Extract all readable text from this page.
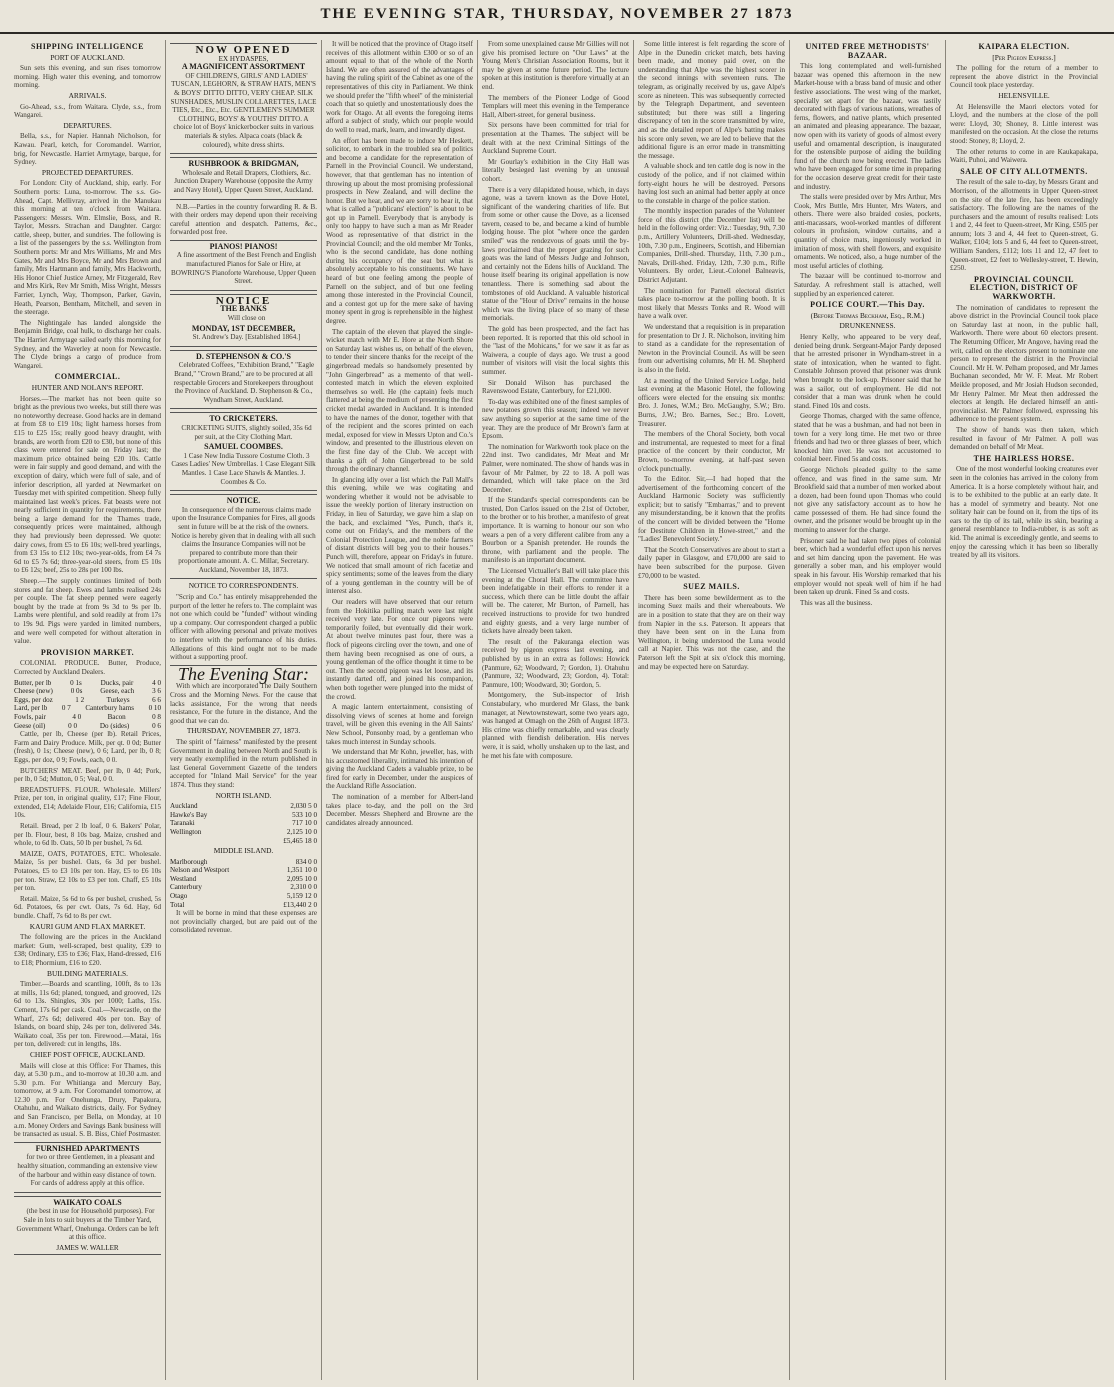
THE EVENING STAR, THURSDAY, NOVEMBER 27 1873
SHIPPING INTELLIGENCE
PORT OF AUCKLAND.

Sun sets this evening, and sun rises tomorrow morning. High water this evening, and tomorrow morning.

ARRIVALS.

Go-Ahead, s.s., from Waitara. Clyde, s.s., from Wangarei.

DEPARTURES.

Bella, s.s., for Napier. Hannah Nicholson, for Kawau. Pearl, ketch, for Coromandel. Warrior, brig, for Newcastle. Harriet Armytage, barque, for Sydney.

PROJECTED DEPARTURES.

For London: City of Auckland, ship, early. For Southern ports: Luna, to-morrow. The s.s. Go-Ahead, Capt. Mellivray, arrived in the Manukau this morning at ten o'clock from Waitara. Passengers: Messrs. Wm. Elmslie, Boss, and R. Taylor, Messrs. Strachan and Daughter. Cargo: cattle, sheep, butter, and sundries. The following is a list of the passengers by the s.s. Wellington from Southern ports: Mr and Mrs Williams, Mr and Mrs Gates, Mr and Mrs Boyce, Mr and Mrs Brown and family, Mrs Hartmann and family, Mrs Hackworth, His Honor Chief Justice Arney, Mr Fitzgerald, Rev and Mrs Kirk, Rev Mr Smith, Miss Wright, Messrs Farrier, Lynch, Way, Thompson, Parker, Gavin, Heath, Pearson, Bentham, Mitchell, and seven in the steerage.

The Nightingale has landed alongside the Benjamin Bridge, coal hulk, to discharge her coals. The Harriet Armytage sailed early this morning for Sydney, and the Waverley at noon for Newcastle. The Clyde brings a cargo of produce from Wangarei.

COMMERCIAL.
HUNTER AND NOLAN'S REPORT.

Horses.—The market has not been quite so bright as the previous two weeks, but still there was no noteworthy decrease. Good hacks are in demand at from £8 to £19 10s; light harness horses from £15 to £25 15s; really good heavy draught, with brands, are worth from £20 to £30, but none of this class were entered for sale on Friday last; the maximum price obtained being £20 10s. Cattle were in fair supply and good demand, and with the exception of dairy, which were full of sale, and of inferior description, all yarded at Newmarket on Tuesday met with spirited competition. Sheep fully maintained last week's prices. Fat beasts were not nearly sufficient in quantity for requirements, there being a large demand for the Thames trade, consequently prices were maintained, although they had previously been depressed. We quote: dairy cows, from £5 to £6 10s; well-bred yearlings, from £3 15s to £12 10s; two-year-olds, from £4 7s 6d to £5 7s 6d; three-year-old steers, from £5 10s to £6 12s; beef, 25s to 28s per 100 lbs.

Sheep.—The supply continues limited of both stores and fat sheep. Ewes and lambs realised 24s per couple. The fat sheep penned were eagerly bought by the trade at from 9s 3d to 9s per lb. Lambs were plentiful, and sold readily at from 17s to 19s 9d. Pigs were yarded in limited numbers, and were well competed for without alteration in value.

PROVISION MARKET.

COLONIAL PRODUCE. Butter, Produce, Corrected by Auckland Dealers.

Butter, per lb	0 1s	Ducks, pair	4 0
Cheese (new)	0 0s	Geese, each	3 6
Eggs, per doz	1 2	Turkeys	6 6
Lard, per lb 0 7 Canterbury hams 0 10
Fowls, pair	4 0	Bacon	0 8
Geese (oil)	0 0	Do (sides)	0 6

Cattle, per lb, Cheese (per lb). Retail Prices, Farm and Dairy Produce. Milk, per qt. 0 0d; Butter (fresh), 0 1s; Cheese (new), 0 6; Lard, per lb, 0 8; Eggs, per doz, 0 9; Fowls, each, 0 0.

BUTCHERS' MEAT. Beef, per lb, 0 4d; Pork, per lb, 0 5d; Mutton, 0 5; Veal, 0 0.

BREADSTUFFS. FLOUR. Wholesale. Millers' Prize, per ton, in original quality, £17; Fine Flour, extended, £14; Adelaide Flour, £16; California, £15 10s.

Retail. Bread, per 2 lb loaf, 0 6. Bakers' Polar, per lb. Flour, best, 8 10s bag. Maize, crushed and whole, to 6d lb. Oats, 50 lb per bushel, 7s 6d.

MAIZE, OATS, POTATOES, ETC. Wholesale. Maize, 5s per bushel. Oats, 6s 3d per bushel. Potatoes, £5 to £3 10s per ton. Hay, £5 to £6 10s per ton. Straw, £2 10s to £3 per ton. Chaff, £5 10s per ton.

Retail. Maize, 5s 6d to 6s per bushel, crushed, 5s 6d. Potatoes, 6s per cwt. Oats, 7s 6d. Hay, 6d bundle. Chaff, 7s 6d to 8s per cwt.

KAURI GUM AND FLAX MARKET.

The following are the prices in the Auckland market: Gum, well-scraped, best quality, £39 to £38; Ordinary, £35 to £36; Flax, Hand-dressed, £16 to £18; Phormium, £16 to £20.

BUILDING MATERIALS.

Timber.—Boards and scantling, 100ft, 8s to 13s at mills, 11s 6d; planed, tongued, and grooved, 12s 6d to 13s. Shingles, 30s per 1000; Laths, 15s. Cement, 17s 6d per cask. Coal.—Newcastle, on the Wharf, 27s 6d; delivered 40s per ton. Bay of Islands, on board ship, 24s per ton, delivered 34s. Waikato coal, 35s per ton. Firewood.—Matai, 16s per ton, delivered: cut in lengths, 18s.

CHIEF POST OFFICE, AUCKLAND.

Mails will close at this Office: For Thames, this day, at 5.30 p.m., and to-morrow at 10.30 a.m. and 5.30 p.m. For Whitianga and Mercury Bay, tomorrow, at 9 a.m. For Coromandel tomorrow, at 12.30 p.m. For Onehunga, Drury, Papakura, Otahuhu, and Waikato districts, daily. For Sydney and San Francisco, per Bella, on Monday, at 10 a.m. Money Orders and Savings Bank business will be transacted as usual. S. B. Biss, Chief Postmaster.

FURNISHED APARTMENTS

for two or three Gentlemen, in a pleasant and healthy situation, commanding an extensive view of the harbour and within easy distance of town. For cards of address apply at this office.

WAIKATO COALS

(the best in use for Household purposes). For Sale in lots to suit buyers at the Timber Yard, Government Wharf, Onehunga. Orders can be left at this office.

JAMES W. WALLER
NOW OPENED
EX HYDASPES,
A MAGNIFICENT ASSORTMENT

OF CHILDREN'S, GIRLS' AND LADIES' TUSCAN, LEGHORN, & STRAW HATS, MEN'S & BOYS' DITTO DITTO, VERY CHEAP. SILK SUNSHADES, MUSLIN COLLARETTES, LACE TIES, Etc., Etc., Etc. GENTLEMEN'S SUMMER CLOTHING, BOYS' & YOUTHS' DITTO. A choice lot of Boys' knickerbocker suits in various materials & styles. Alpaca coats (black & coloured), white dress shirts.

RUSHBROOK & BRIDGMAN,

Wholesale and Retail Drapers, Clothiers, &c. Junction Drapery Warehouse (opposite the Army and Navy Hotel), Upper Queen Street, Auckland.

N.B.—Parties in the country forwarding R. & B. with their orders may depend upon their receiving careful attention and despatch. Patterns, &c., forwarded post free.

PIANOS! PIANOS!

A fine assortment of the Best French and English manufactured Pianos for Sale or Hire, at BOWRING'S Pianoforte Warehouse, Upper Queen Street.

NOTICE
THE BANKS

Will close on

MONDAY, 1ST DECEMBER,

St. Andrew's Day. [Established 1864.]

D. STEPHENSON & CO.'S

Celebrated Coffees, "Exhibition Brand," "Eagle Brand," "Crown Brand," are to be procured at all respectable Grocers and Storekeepers throughout the Province of Auckland. D. Stephenson & Co., Wyndham Street, Auckland.

TO CRICKETERS.

CRICKETING SUITS, slightly soiled, 35s 6d per suit, at the City Clothing Mart.

SAMUEL COOMBES.

1 Case New India Tussore Costume Cloth. 3 Cases Ladies' New Umbrellas. 1 Case Elegant Silk Mantles. 1 Case Lace Shawls & Mantles. J. Coombes & Co.

NOTICE.

In consequence of the numerous claims made upon the Insurance Companies for Fires, all goods sent in future will be at the risk of the owners. Notice is hereby given that in dealing with all such claims the Insurance Companies will not be prepared to contribute more than their proportionate amount. A. C. Millar, Secretary. Auckland, November 18, 1873.

NOTICE TO CORRESPONDENTS.

"Scrip and Co." has entirely misapprehended the purport of the letter he refers to. The complaint was not one which could be "funded" without winding up a company. Our correspondent charged a public officer with allowing personal and private motives to interfere with the performance of his duties. Allegations of this kind ought not to be made without a supporting proof.

The Evening Star:

With which are incorporated The Daily Southern Cross and the Morning News. For the cause that lacks assistance, For the wrong that needs resistance, For the future in the distance, And the good that we can do.

THURSDAY, NOVEMBER 27, 1873.

The spirit of "fairness" manifested by the present Government in dealing between North and South is very neatly exemplified in the return published in last General Government Gazette of the tenders accepted for "Inland Mail Service" for the year 1874. Thus they stand:

NORTH ISLAND.
Auckland	2,030 5 0
Hawke's Bay	533 10 0
Taranaki	717 10 0
Wellington	2,125 10 0
£5,465 18 0
MIDDLE ISLAND.
Marlborough	834 0 0
Nelson and Westport	1,351 10 0
Westland	2,095 10 0
Canterbury	2,310 0 0
Otago	5,159 12 0
Total	£13,440 2 0

It will be borne in mind that these expenses are not provincially charged, but are paid out of the consolidated revenue.

It will be noticed that the province of Otago itself receives of this allotment within £300 or so of an amount equal to that of the whole of the North Island. We are often assured of the advantages of having the ruling spirit of the Cabinet as one of the representatives of this city in Parliament. We think we should prefer the "fifth wheel" of the ministerial coach that so quietly and unostentatiously does the work for Otago. At all events the foregoing items afford a subject of study, which our people would do well to read, mark, learn, and inwardly digest.

An effort has been made to induce Mr Heskett, solicitor, to embark in the troubled sea of politics and become a candidate for the representation of Parnell in the Provincial Council. We understand, however, that that gentleman has no intention of throwing up about the most promising professional prospects in New Zealand, and will decline the honor. But we hear, and we are sorry to hear it, that what is called a "publicans' election" is about to be got up in Parnell. Everybody that is anybody is only too happy to have such a man as Mr Reader Wood as representative of that district in the Provincial Council; and the old member Mr Tonks, who is the second candidate, has done nothing during his occupancy of the seat but what is absolutely acceptable to his constituents. We have heard of but one feeling among the people of Parnell on the subject, and of but one feeling among those interested in the Provincial Council, and a contest got up for the mere sake of having money spent in grog is reprehensible in the highest degree.

The captain of the eleven that played the single-wicket match with Mr E. Hore at the North Shore on Saturday last wishes us, on behalf of the eleven, to tender their sincere thanks for the receipt of the gingerbread medals so handsomely presented by "John Gingerbread" as a memento of that well-contested match in which the eleven exploited themselves so well. He (the captain) feels much flattered at being the medium of presenting the first cricket medal awarded in Auckland. It is intended to have the names of the donor, together with that of the recipient and the scores printed on each medal, exposed for view in Messrs Upton and Co.'s window, and presented to the illustrious eleven on the first fine day of the Club. We accept with thanks a gift of John Gingerbread to be sold through the ordinary channel.

In glancing idly over a list which the Pall Mall's this evening, while we was cogitating and wondering whether it would not be advisable to issue the weekly portion of literary instruction on Friday, in lieu of Saturday, we gave him a slap on the back, and exclaimed "Yes, Punch, that's it, come out on Friday's, and the members of the Colonial Protection League, and the noble farmers of distant districts will beg you to their houses." Punch will, therefore, appear on Friday's in future. We noticed that small amount of rich facetiæ and spicy sentiments; some of the leaves from the diary of a young gentleman in the country will be of interest also.

Our readers will have observed that our return from the Hokitika pulling match were last night received very late. For once our pigeons were temporarily foiled, but eventually did their work. At about twelve minutes past four, there was a flock of pigeons circling over the town, and one of them having been recognised as one of ours, a young gentleman of the office thought it time to be out. Then the second pigeon was let loose, and its instantly darted off, and joined his companion, when both together were plunged into the midst of the crowd.

A magic lantern entertainment, consisting of dissolving views of scenes at home and foreign travel, will be given this evening in the All Saints' New School, Ponsonby road, by a gentleman who takes much interest in Sunday schools.

We understand that Mr Kohn, jeweller, has, with his accustomed liberality, intimated his intention of giving the Auckland Cadets a valuable prize, to be fired for early in December, under the auspices of the Auckland Rifle Association.

The nomination of a member for Albert-land takes place to-day, and the poll on the 3rd December. Messrs Shepherd and Browne are the candidates already announced.

From some unexplained cause Mr Gillies will not give his promised lecture on "Our Laws" at the Young Men's Christian Association Rooms, but it may be given at some future period. The lecture spoken at this institution is therefore virtually at an end.

The members of the Pioneer Lodge of Good Templars will meet this evening in the Temperance Hall, Albert-street, for general business.

Six persons have been committed for trial for presentation at the Thames. The subject will be dealt with at the next Criminal Sittings of the Auckland Supreme Court.

Mr Gourlay's exhibition in the City Hall was literally besieged last evening by an unusual cohort.

There is a very dilapidated house, which, in days agone, was a tavern known as the Dove Hotel, significant of the wandering charities of life. But from some or other cause the Dove, as a licensed tavern, ceased to be, and became a kind of humble lodging house. The plot "where once the garden smiled" was the rendezvous of goats until the by-laws proclaimed that the proper grazing for such goats was the land of Messrs Judge and Johnson, and certainly not the Edens hills of Auckland. The house itself bearing its original appellation is now tenantless. There is something sad about the tombstones of old Auckland. A valuable historical statue of the "Hour of Drive" remains in the house which was the living place of so many of these memorials.

The gold has been prospected, and the fact has been reported. It is reported that this old school in the "last of the Mohicans," for we saw it as far as Waiwera, a couple of days ago. We trust a good number of visitors will visit the local sights this summer.

Sir Donald Wilson has purchased the Ravenswood Estate, Canterbury, for £21,000.

To-day was exhibited one of the finest samples of new potatoes grown this season; indeed we never saw anything so superior at the same time of the year. They are the produce of Mr Brown's farm at Epsom.

The nomination for Warkworth took place on the 22nd inst. Two candidates, Mr Meat and Mr Palmer, were nominated. The show of hands was in favour of Mr Palmer, by 22 to 18. A poll was demanded, which will take place on the 3rd December.

If the Standard's special correspondents can be trusted, Don Carlos issued on the 21st of October, to the brother or to his brother, a manifesto of great importance. It is warning to honour our son who wears a pen of a very different calibre from any a Bourbon or a Spanish pretender. He rounds the throne, with parliament and the people. The manifesto is an important document.

The Licensed Victualler's Ball will take place this evening at the Choral Hall. The committee have been indefatigable in their efforts to render it a success, which there can be little doubt the affair will be. The caterer, Mr Burton, of Parnell, has received instructions to provide for two hundred and eighty guests, and a very large number of tickets have already been taken.

The result of the Pakuranga election was received by pigeon express last evening, and published by us in an extra as follows: Howick (Panmure, 62; Woodward, 7; Gordon, 1). Otahuhu (Panmure, 32; Woodward, 23; Gordon, 4). Total: Panmure, 100; Woodward, 30; Gordon, 5.

Montgomery, the Sub-inspector of Irish Constabulary, who murdered Mr Glass, the bank manager, at Newtownstewart, some two years ago, was hanged at Omagh on the 26th of August 1873. His crime was chiefly remarkable, and was clearly planned with fiendish deliberation. His nerves were, it is said, wholly unshaken up to the last, and he met his fate with composure.

Some little interest is felt regarding the score of Alpe in the Dunedin cricket match, bets having been made, and money paid over, on the understanding that Alpe was the highest scorer in the second innings with seventeen runs. The telegram, as originally received by us, gave Alpe's score as nineteen. This was subsequently corrected by the Telegraph Department, and seventeen substituted; but there was still a lingering discrepancy of ten in the score transmitted by wire, and as the detailed report of Alpe's batting makes his score only seven, we are led to believe that the additional figure is an error made in transmitting the message.

A valuable shock and ten cattle dog is now in the custody of the police, and if not claimed within forty-eight hours he will be destroyed. Persons having lost such an animal had better apply at once to the constable in charge of the police station.

The monthly inspection parades of the Volunteer force of this district (the December list) will be held in the following order: Viz.: Tuesday, 9th, 7.30 p.m., Artillery Volunteers, Drill-shed. Wednesday, 10th, 7.30 p.m., Engineers, Scottish, and Hibernian Companies, Drill-shed. Thursday, 11th, 7.30 p.m., Navals, Drill-shed. Friday, 12th, 7.30 p.m., Rifle Volunteers. By order, Lieut.-Colonel Balneavis, District Adjutant.

The nomination for Parnell electoral district takes place to-morrow at the polling booth. It is most likely that Messrs Tonks and R. Wood will have a walk over.

We understand that a requisition is in preparation for presentation to Dr J. R. Nicholson, inviting him to stand as a candidate for the representation of Newton in the Provincial Council. As will be seen from our advertising columns, Mr H. M. Shepherd is also in the field.

At a meeting of the United Service Lodge, held last evening at the Masonic Hotel, the following officers were elected for the ensuing six months: Bro. J. Jones, W.M.; Bro. McGaughy, S.W.; Bro. Burns, J.W.; Bro. Barnes, Sec.; Bro. Lovett, Treasurer.

The members of the Choral Society, both vocal and instrumental, are requested to meet for a final practice of the concert by their conductor, Mr Brown, to-morrow evening, at half-past seven o'clock punctually.

To the Editor. Sir,—I had hoped that the advertisement of the forthcoming concert of the Auckland Harmonic Society was sufficiently explicit; but to satisfy "Embarras," and to prevent any misunderstanding, be it known that the profits of the concert will be divided between the "Home for Destitute Children in Howe-street," and the "Ladies' Benevolent Society."

That the Scotch Conservatives are about to start a daily paper in Glasgow, and £70,000 are said to have been subscribed for the purpose. Given £70,000 to be wasted.

SUEZ MAILS.

There has been some bewilderment as to the incoming Suez mails and their whereabouts. We are in a position to state that they are on their way from Napier in the s.s. Paterson. It appears that they have been sent on in the Luna from Wellington, it being understood the Luna would call at Napier. This was not the case, and the Paterson left the Spit at six o'clock this morning, and may be expected here on Saturday.

UNITED FREE METHODISTS' BAZAAR.

This long contemplated and well-furnished bazaar was opened this afternoon in the new Market-house with a brass band of music and other festive associations. The west wing of the market, specially set apart for the bazaar, was tastily decorated with flags of various nations, wreathes of ferns, flowers, and native plants, which presented an animated and pleasing appearance. The bazaar, now open with its variety of goods of almost every useful and ornamental description, is inaugurated for the ostensible purpose of aiding the building fund of the church now being erected. The ladies who have been engaged for some time in preparing for the occasion deserve great credit for their taste and industry.

The stalls were presided over by Mrs Arthur, Mrs Cook, Mrs Buttle, Mrs Hunter, Mrs Waters, and others. There were also braided cosies, pockets, anti-macassars, wool-worked mantles of different colours in profusion, window curtains, and a quantity of choice mats, ingeniously worked in imitation of moss, with shell flowers, and exquisite ornaments. We noticed, also, a huge number of the most useful articles of clothing.

The bazaar will be continued to-morrow and Saturday. A refreshment stall is attached, well supplied by an experienced caterer.

POLICE COURT.—This Day.
(Before Thomas Beckham, Esq., R.M.)
DRUNKENNESS.

Henry Kelly, who appeared to be very deaf, denied being drunk. Sergeant-Major Pardy deposed that he arrested prisoner in Wyndham-street in a state of intoxication, when he wanted to fight. Constable Johnson proved that prisoner was drunk when brought to the lock-up. Prisoner said that he was a sailor, out of employment. He did not consider that a man was drunk when he could stand. Fined 10s and costs.

George Thomas, charged with the same offence, stated that he was a bushman, and had not been in town for a very long time. He met two or three friends and had two or three glasses of beer, which knocked him over. He was not accustomed to colonial beer. Fined 5s and costs.

George Nichols pleaded guilty to the same offence, and was fined in the same sum. Mr Brookfield said that a number of men worked about a dozen, had been found upon Thomas who could not give any satisfactory account as to how he came possessed of them. He had since found the owner, and the prisoner would be brought up in the morning to answer for the charge.

Prisoner said he had taken two pipes of colonial beer, which had a wonderful effect upon his nerves and set him dancing upon the pavement. He was generally a sober man, and his employer would speak in his favour. His Worship remarked that his employer would not speak well of him if he had been taken up drunk. Fined 5s and costs.

This was all the business.

KAIPARA ELECTION.
[Per Pigeon Express.]

The polling for the return of a member to represent the above district in the Provincial Council took place yesterday.

HELENSVILLE.

At Helensville the Maori electors voted for Lloyd, and the numbers at the close of the poll were: Lloyd, 30; Shoney, 8. Little interest was manifested on the occasion. At the close the returns stood: Stoney, 8; Lloyd, 2.

The other returns to come in are Kaukapakapa, Waiti, Puhoi, and Waiwera.

SALE OF CITY ALLOTMENTS.

The result of the sale to-day, by Messrs Grant and Morrison, of the allotments in Upper Queen-street on the site of the late fire, has been exceedingly satisfactory. The following are the names of the purchasers and the amount of results realised: Lots 1 and 2, 44 feet to Queen-street, Mr King, £505 per annum; lots 3 and 4, 44 feet to Queen-street, G. Walker, £104; lots 5 and 6, 44 feet to Queen-street, William Sanders, £112; lots 11 and 12, 47 feet to Queen-street, £2 feet to Wellesley-street, T. Hewin, £250.

PROVINCIAL COUNCIL ELECTION, DISTRICT OF WARKWORTH.

The nomination of candidates to represent the above district in the Provincial Council took place on Saturday last at noon, in the public hall, Warkworth. There were about 60 electors present. The Returning Officer, Mr Angove, having read the writ, called on the electors present to nominate one person to represent the district in the Provincial Council. Mr H. W. Pelham proposed, and Mr James Buchanan seconded, Mr W. F. Meat. Mr Robert Meikle proposed, and Mr Josiah Hudson seconded, Mr Henry Palmer. Mr Meat then addressed the electors at length. He declared himself an anti-provincialist. Mr Palmer followed, expressing his adherence to the present system.

The show of hands was then taken, which resulted in favour of Mr Palmer. A poll was demanded on behalf of Mr Meat.

THE HAIRLESS HORSE.

One of the most wonderful looking creatures ever seen in the colonies has arrived in the colony from America. It is a horse completely without hair, and is to be exhibited to the public at an early date. It has a model of symmetry and beauty. Not one solitary hair can be found on it, from the tips of its ears to the tip of its tail, while its skin, bearing a general resemblance to India-rubber, is as soft as kid. The animal is exceedingly gentle, and seems to enjoy the caressing which it has been so liberally treated by all its visitors.
